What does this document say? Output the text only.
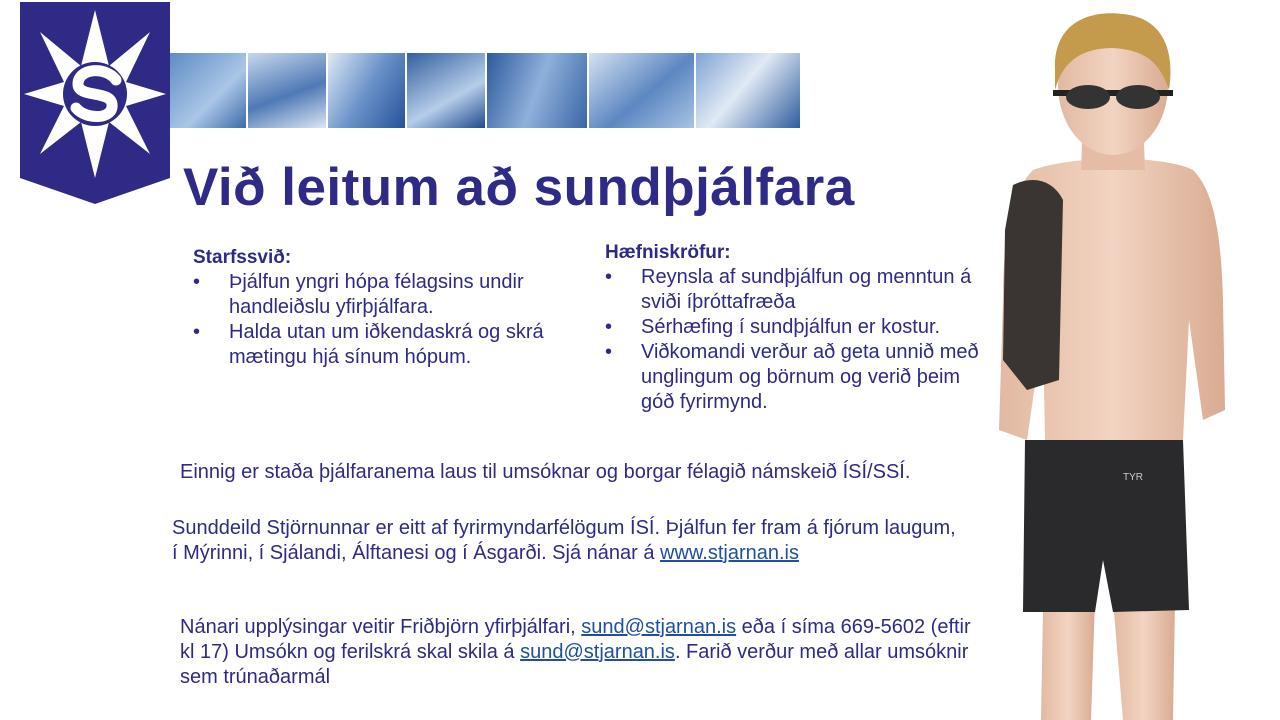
TYR
Við leitum að sundþjálfara
Starfssvið:
• Þjálfun yngri hópa félagsins undir handleiðslu yfirþjálfara.
• Halda utan um iðkendaskrá og skrá mætingu hjá sínum hópum.
Hæfniskröfur:
• Reynsla af sundþjálfun og menntun á sviði íþróttafræða
• Sérhæfing í sundþjálfun er kostur.
• Viðkomandi verður að geta unnið með unglingum og börnum og verið þeim góð fyrirmynd.

Einnig er staða þjálfaranema laus til umsóknar og borgar félagið námskeið ÍSÍ/SSÍ.

Sunddeild Stjörnunnar er eitt af fyrirmyndarfélögum ÍSÍ. Þjálfun fer fram á fjórum laugum, í Mýrinni, í Sjálandi, Álftanesi og í Ásgarði. Sjá nánar á www.stjarnan.is

Nánari upplýsingar veitir Friðbjörn yfirþjálfari, sund@stjarnan.is eða í síma 669-5602 (eftir kl 17) Umsókn og ferilskrá skal skila á sund@stjarnan.is. Farið verður með allar umsóknir sem trúnaðarmál
